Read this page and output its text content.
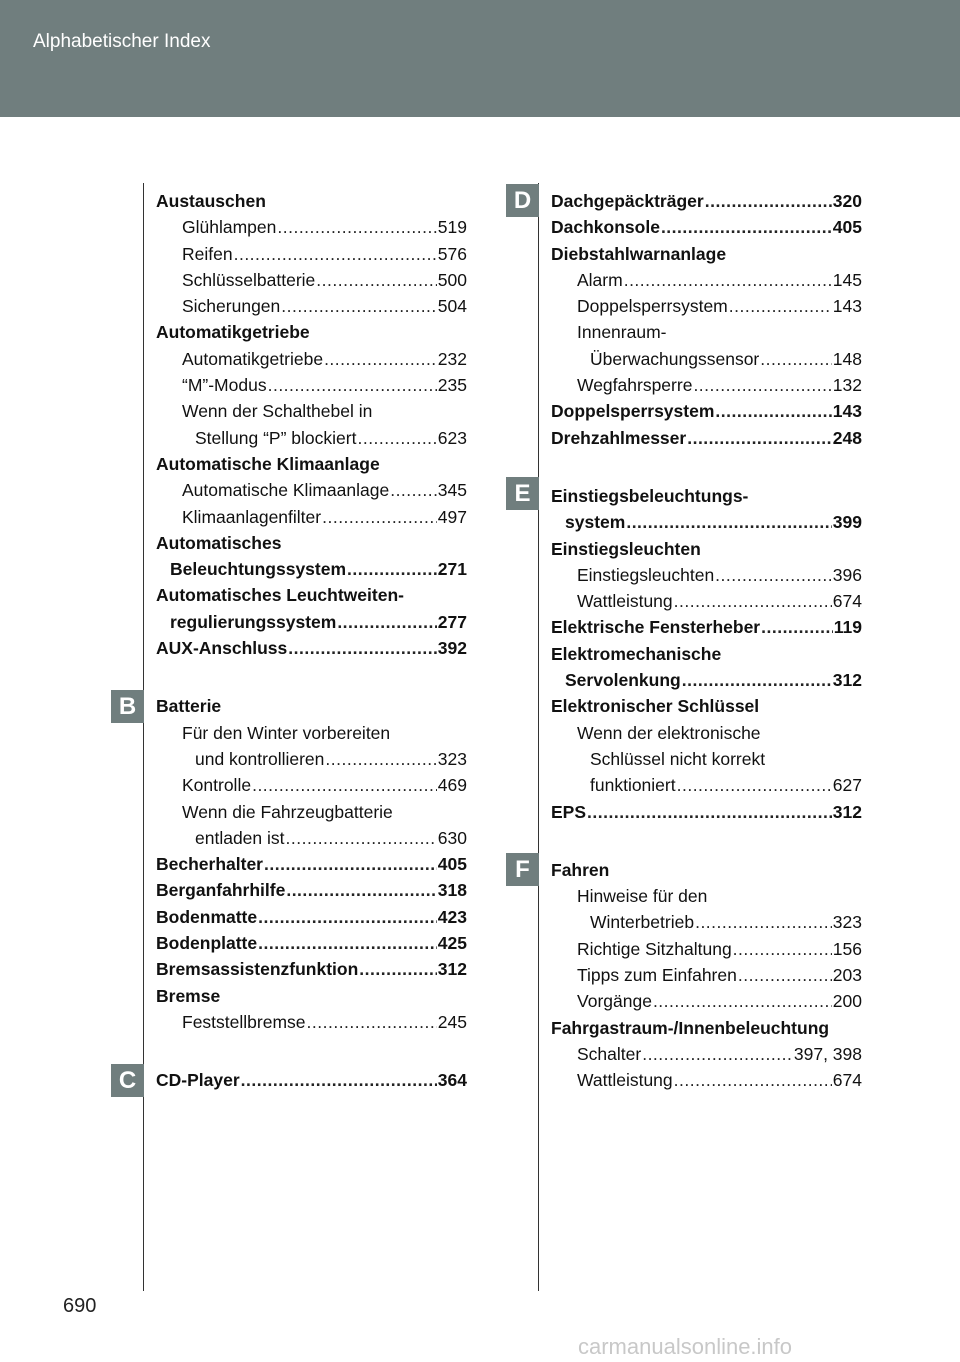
Alphabetischer Index
B
C
D
E
F
Austauschen
Glühlampen .....	519
Reifen .....	576
Schlüsselbatterie .....	500
Sicherungen .....	504
Automatikgetriebe
Automatikgetriebe .....	232
“M”-Modus .....	235
Wenn der Schalthebel in
Stellung “P” blockiert .....	623
Automatische Klimaanlage
Automatische Klimaanlage .....	345
Klimaanlagenfilter .....	497
Automatisches
Beleuchtungssystem .....	271
Automatisches Leuchtweiten-
regulierungssystem .....	277
AUX-Anschluss .....	392
Batterie
Für den Winter vorbereiten
und kontrollieren .....	323
Kontrolle .....	469
Wenn die Fahrzeugbatterie
entladen ist .....	630
Becherhalter .....	405
Berganfahrhilfe .....	318
Bodenmatte .....	423
Bodenplatte .....	425
Bremsassistenzfunktion .....	312
Bremse
Feststellbremse .....	245
CD-Player .....	364
Dachgepäckträger .....	320
Dachkonsole .....	405
Diebstahlwarnanlage
Alarm .....	145
Doppelsperrsystem .....	143
Innenraum-
Überwachungssensor .....	148
Wegfahrsperre .....	132
Doppelsperrsystem .....	143
Drehzahlmesser .....	248
Einstiegsbeleuchtungs-
system .....	399
Einstiegsleuchten
Einstiegsleuchten .....	396
Wattleistung .....	674
Elektrische Fensterheber .....	119
Elektromechanische
Servolenkung .....	312
Elektronischer Schlüssel
Wenn der elektronische
Schlüssel nicht korrekt
funktioniert .....	627
EPS .....	312
Fahren
Hinweise für den
Winterbetrieb .....	323
Richtige Sitzhaltung .....	156
Tipps zum Einfahren .....	203
Vorgänge .....	200
Fahrgastraum-/Innenbeleuchtung
Schalter .....	397, 398
Wattleistung .....	674
690
carmanualsonline.info
